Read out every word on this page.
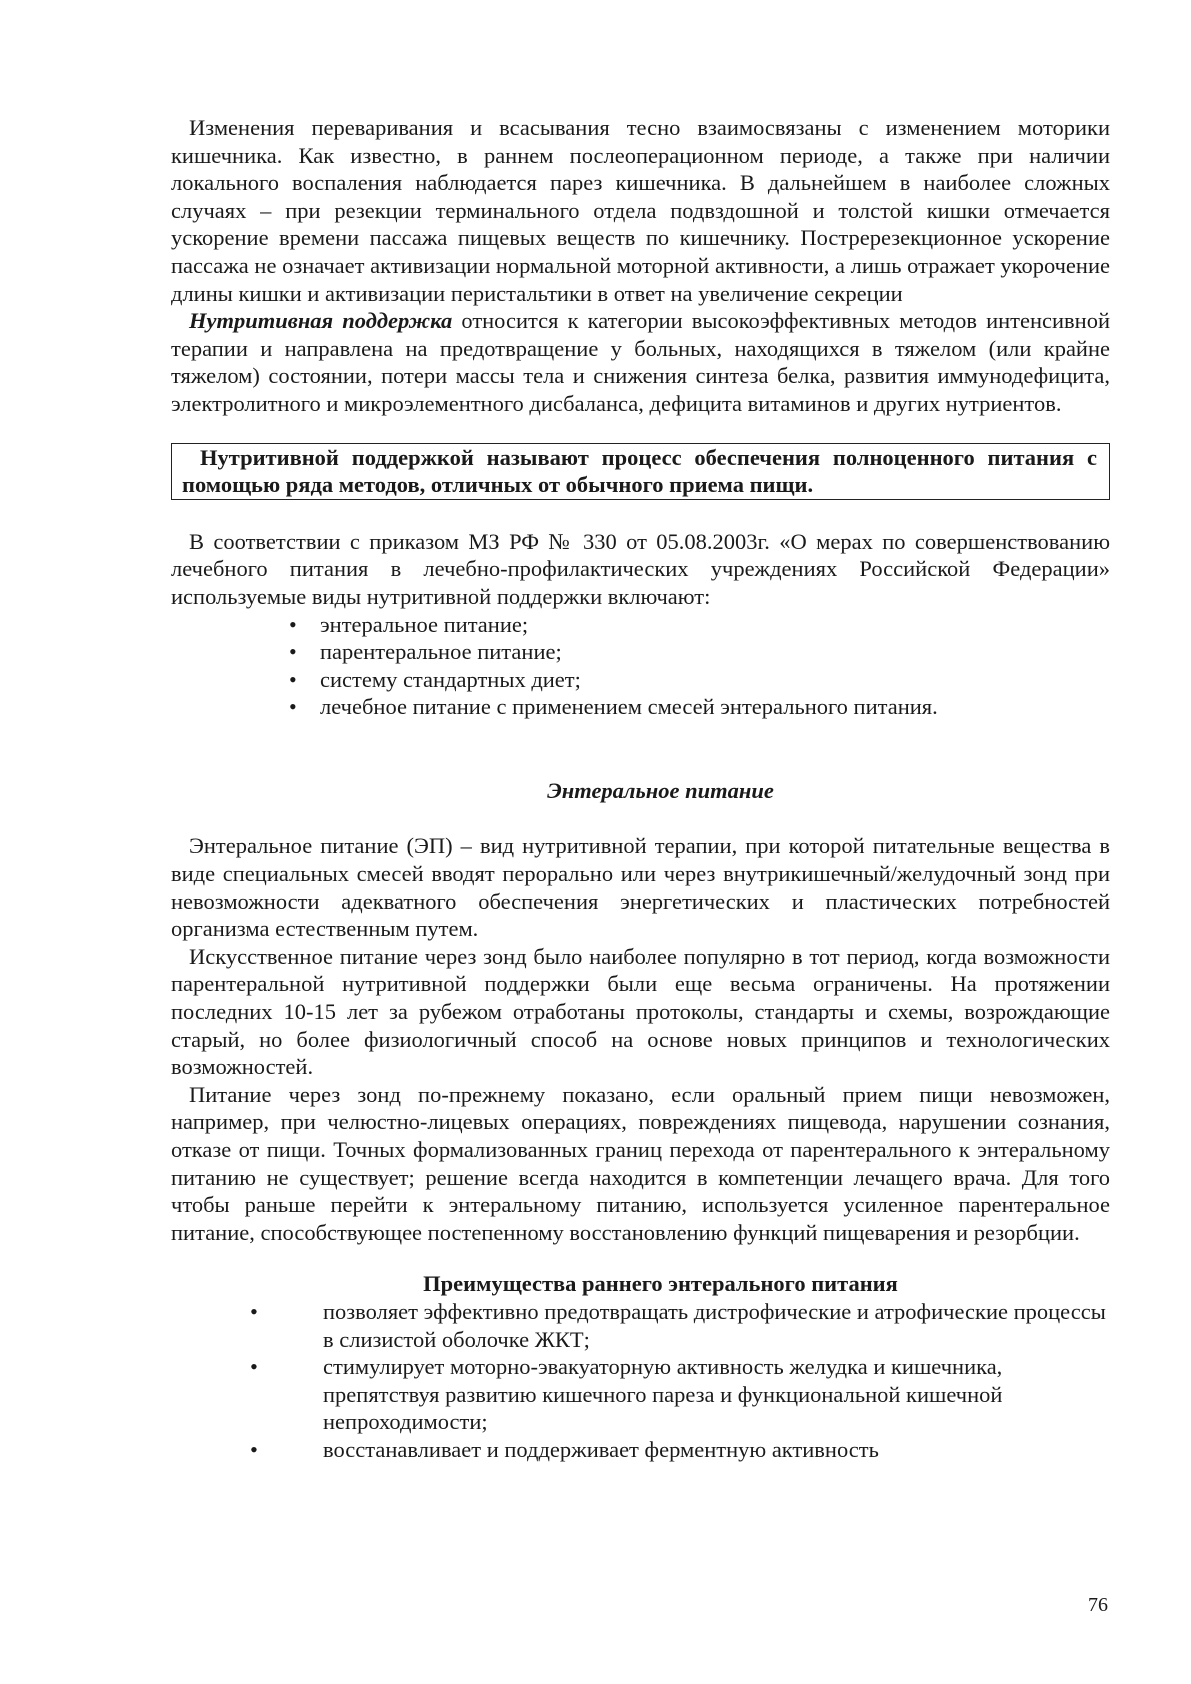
Изменения переваривания и всасывания тесно взаимосвязаны с изменением моторики кишечника. Как известно, в раннем послеоперационном периоде, а также при наличии локального воспаления наблюдается парез кишечника. В дальнейшем в наиболее сложных случаях – при резекции терминального отдела подвздошной и толстой кишки отмечается ускорение времени пассажа пищевых веществ по кишечнику. Постререзекционное ускорение пассажа не означает активизации нормальной моторной активности, а лишь отражает укорочение длины кишки и активизации перистальтики в ответ на увеличение секреции

Нутритивная поддержка относится к категории высокоэффективных методов интенсивной терапии и направлена на предотвращение у больных, находящихся в тяжелом (или крайне тяжелом) состоянии, потери массы тела и снижения синтеза белка, развития иммунодефицита, электролитного и микроэлементного дисбаланса, дефицита витаминов и других нутриентов.

Нутритивной поддержкой называют процесс обеспечения полноценного питания с помощью ряда методов, отличных от обычного приема пищи.

В соответствии с приказом МЗ РФ № 330 от 05.08.2003г. «О мерах по совершенствованию лечебного питания в лечебно-профилактических учреждениях Российской Федерации» используемые виды нутритивной поддержки включают:

• энтеральное питание;
• парентеральное питание;
• систему стандартных диет;
• лечебное питание с применением смесей энтерального питания.
Энтеральное питание

Энтеральное питание (ЭП) – вид нутритивной терапии, при которой питательные вещества в виде специальных смесей вводят перорально или через внутрикишечный/желудочный зонд при невозможности адекватного обеспечения энергетических и пластических потребностей организма естественным путем.

Искусственное питание через зонд было наиболее популярно в тот период, когда возможности парентеральной нутритивной поддержки были еще весьма ограничены. На протяжении последних 10-15 лет за рубежом отработаны протоколы, стандарты и схемы, возрождающие старый, но более физиологичный способ на основе новых принципов и технологических возможностей.

Питание через зонд по-прежнему показано, если оральный прием пищи невозможен, например, при челюстно-лицевых операциях, повреждениях пищевода, нарушении сознания, отказе от пищи. Точных формализованных границ перехода от парентерального к энтеральному питанию не существует; решение всегда находится в компетенции лечащего врача. Для того чтобы раньше перейти к энтеральному питанию, используется усиленное парентеральное питание, способствующее постепенному восстановлению функций пищеварения и резорбции.

Преимущества раннего энтерального питания
• позволяет эффективно предотвращать дистрофические и атрофические процессы в слизистой оболочке ЖКТ;
• стимулирует моторно-эвакуаторную активность желудка и кишечника, препятствуя развитию кишечного пареза и функциональной кишечной непроходимости;
• восстанавливает и поддерживает ферментную активность
76
